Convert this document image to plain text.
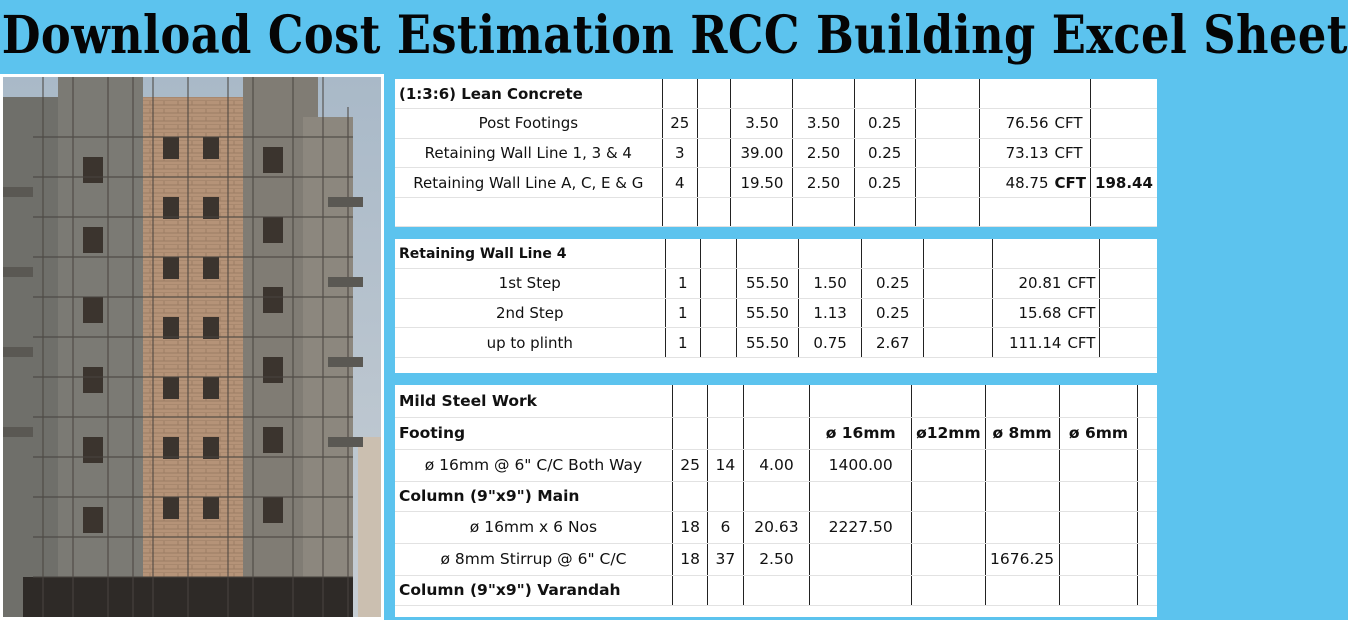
Download Cost Estimation RCC Building Excel Sheet
(1:3:6) Lean Concrete									
Post Footings	25		3.50	3.50	0.25		76.56	CFT	
Retaining Wall Line 1, 3 & 4	3		39.00	2.50	0.25		73.13	CFT	
Retaining Wall Line A, C, E & G	4		19.50	2.50	0.25		48.75	CFT	198.44

Retaining Wall Line 4									
1st Step	1		55.50	1.50	0.25		20.81	CFT	
2nd Step	1		55.50	1.13	0.25		15.68	CFT	
up to plinth	1		55.50	0.75	2.67		111.14	CFT	
Mild Steel Work								
Footing				ø 16mm	ø12mm	ø 8mm	ø 6mm	
ø 16mm @ 6" C/C Both Way	25	14	4.00	1400.00				
Column (9"x9") Main								
ø 16mm x 6 Nos	18	6	20.63	2227.50				
ø 8mm Stirrup @ 6" C/C	18	37	2.50			1676.25		
Column (9"x9") Varandah								
